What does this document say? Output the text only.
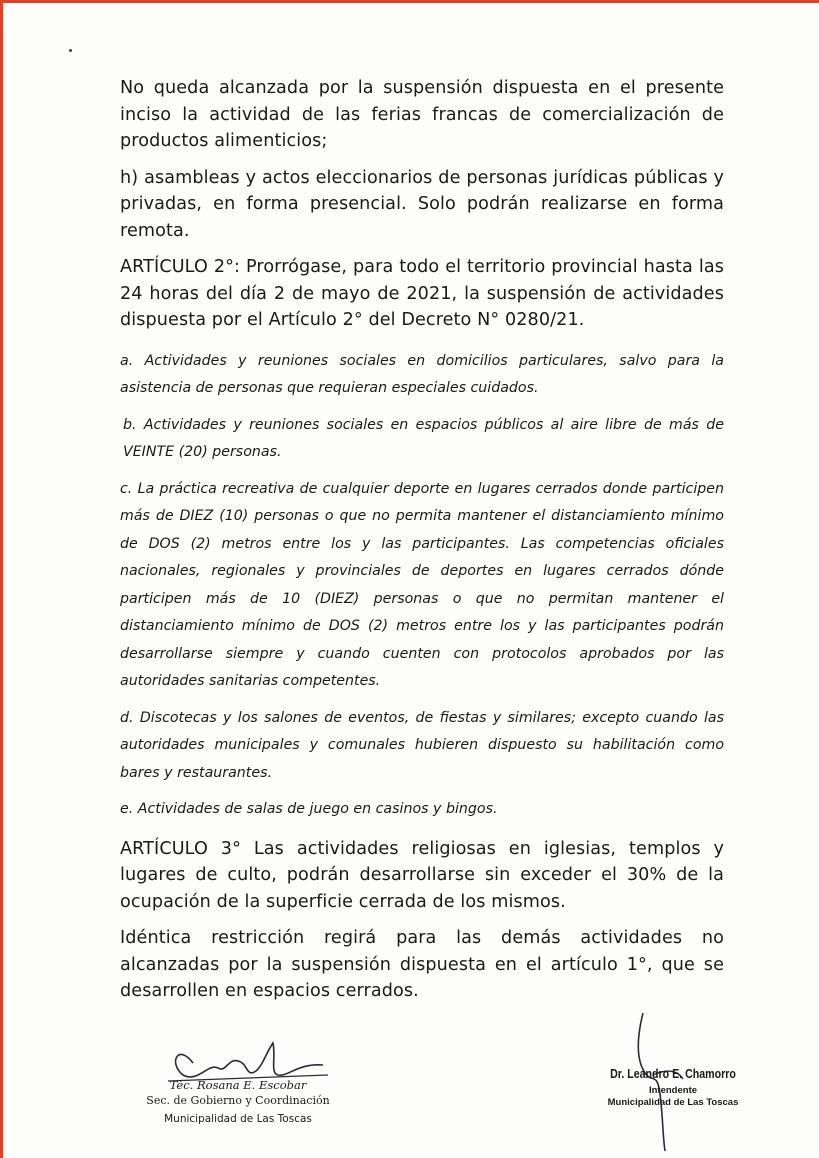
No queda alcanzada por la suspensión dispuesta en el presente inciso la actividad de las ferias francas de comercialización de productos alimenticios;

h) asambleas y actos eleccionarios de personas jurídicas públicas y privadas, en forma presencial. Solo podrán realizarse en forma remota.

ARTÍCULO 2°: Prorrógase, para todo el territorio provincial hasta las 24 horas del día 2 de mayo de 2021, la suspensión de actividades dispuesta por el Artículo 2° del Decreto N° 0280/21.

a. Actividades y reuniones sociales en domicilios particulares, salvo para la asistencia de personas que requieran especiales cuidados.

b. Actividades y reuniones sociales en espacios públicos al aire libre de más de VEINTE (20) personas.

c. La práctica recreativa de cualquier deporte en lugares cerrados donde participen más de DIEZ (10) personas o que no permita mantener el distanciamiento mínimo de DOS (2) metros entre los y las participantes. Las competencias oficiales nacionales, regionales y provinciales de deportes en lugares cerrados dónde participen más de 10 (DIEZ) personas o que no permitan mantener el distanciamiento mínimo de DOS (2) metros entre los y las participantes podrán desarrollarse siempre y cuando cuenten con protocolos aprobados por las autoridades sanitarias competentes.

d. Discotecas y los salones de eventos, de fiestas y similares; excepto cuando las autoridades municipales y comunales hubieren dispuesto su habilitación como bares y restaurantes.

e. Actividades de salas de juego en casinos y bingos.

ARTÍCULO 3° Las actividades religiosas en iglesias, templos y lugares de culto, podrán desarrollarse sin exceder el 30% de la ocupación de la superficie cerrada de los mismos.

Idéntica restricción regirá para las demás actividades no alcanzadas por la suspensión dispuesta en el artículo 1°, que se desarrollen en espacios cerrados.

Téc. Rosana E. Escobar
Sec. de Gobierno y Coordinación
Municipalidad de Las Toscas
Dr. Leandro E. Chamorro
Intendente
Municipalidad de Las Toscas
